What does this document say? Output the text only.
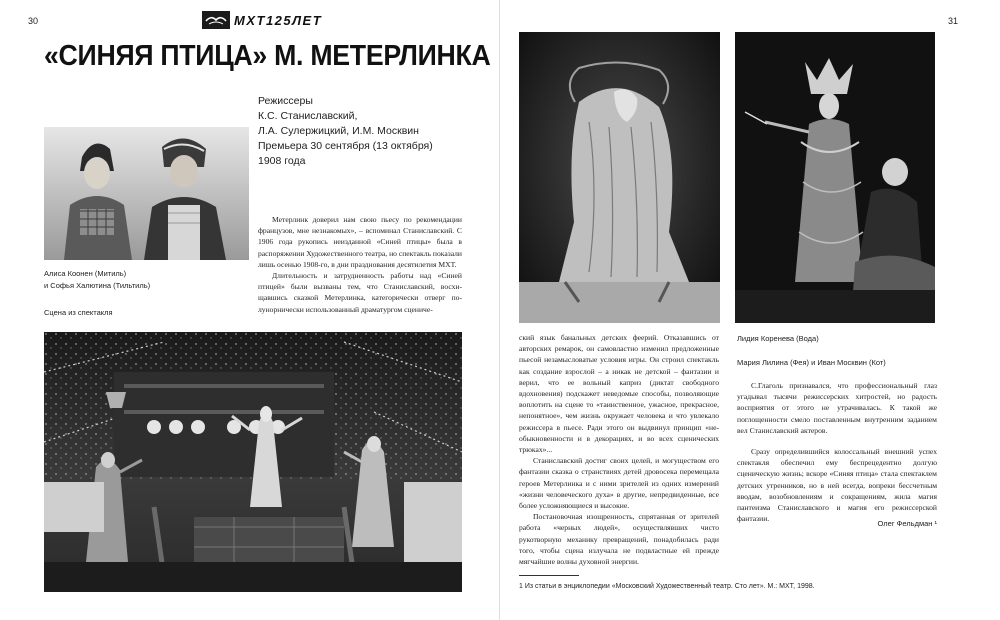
30	МХТ125ЛЕТ
«СИНЯЯ ПТИЦА» М. МЕТЕРЛИНКА
Режиссеры
К.С. Станиславский,
Л.А. Сулержицкий, И.М. Москвин
Премьера 30 сентября (13 октября)
1908 года
Алиса Коонен (Митиль)
и Софья Халютина (Тильтиль)
Сцена из спектакля

Метерлинк доверил нам свою пьесу по рекомендации французов, мне незнакомых», – вспоминал Станиславский. С 1906 года рукопись неизданной «Синей птицы» была в распоряжении Художественного театра, но спектакль показали лишь осенью 1908-го, в дни празднования десятилетия МХТ.

Длительность и затрудненность работы над «Синей птицей» были вызваны тем, что Станиславский, восхищавшись сказкой Метерлинка, категорически отверг полунорнически использованный драматургом сцениче-

31
Лидия Коренева (Вода)
Мария Лилина (Фея) и Иван Москвин (Кот)

ский язык банальных детских феерий. Отказавшись от авторских ремарок, он самовластно изменил предложенные пьесой незамысловатые условия игры. Он строил спектакль как создание взрослой – а никак не детской – фантазии и верил, что ее вольный каприз (диктат свободного вдохновения) подскажет неведомые способы, позволяющие воплотить на сцене то «таинственное, ужасное, прекрасное, непонятное», чем жизнь окружает человека и что увлекало режиссера в пьесе. Ради этого он выдвинул принцип «необыкновенности и в декорациях, и во всех сценических трюках»...

Станиславский достиг своих целей, и могуществом его фантазии сказка о странствиях детей дровосека перемещала героев Метерлинка и с ними зрителей из одних измерений «жизни человеческого духа» в другие, непредвиденные, все более усложняющиеся и высокие.

Постановочная изощренность, спрятанная от зрителей работа «черных людей», осуществлявших чисто рукотворную механику превращений, понадобилась ради того, чтобы сцена излучала не подвластные ей прежде мягчайшие волны духовной энергии.

С.Глаголь признавался, что профессиональный глаз угадывал тысячи режиссерских хитростей, но радость восприятия от этого не утрачивалась. К такой же поглощенности смело поставленным внутренним заданием вел Станиславский актеров.

Сразу определившийся колоссальный внешний успех спектакля обеспечил ему беспрецедентно долгую сценическую жизнь; вскоре «Синяя птица» стала спектаклем детских утренников, но в ней всегда, вопреки бессчетным вводам, возобновлениям и сокращениям, жила магия пантеизма Станиславского и магия его режиссерской фантазии.

Олег Фельдман ¹
1 Из статьи в энциклопедии «Московский Художественный театр. Сто лет». М.: МХТ, 1998.
